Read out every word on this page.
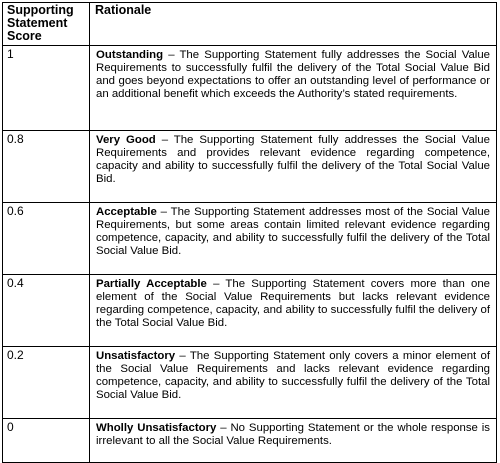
Supporting Statement Score	Rationale
1	Outstanding – The Supporting Statement fully addresses the Social Value Requirements to successfully fulfil the delivery of the Total Social Value Bid and goes beyond expectations to offer an outstanding level of performance or an additional benefit which exceeds the Authority’s stated requirements.
0.8	Very Good – The Supporting Statement fully addresses the Social Value Requirements and provides relevant evidence regarding competence, capacity and ability to successfully fulfil the delivery of the Total Social Value Bid.
0.6	Acceptable – The Supporting Statement addresses most of the Social Value Requirements, but some areas contain limited relevant evidence regarding competence, capacity, and ability to successfully fulfil the delivery of the Total Social Value Bid.
0.4	Partially Acceptable – The Supporting Statement covers more than one element of the Social Value Requirements but lacks relevant evidence regarding competence, capacity, and ability to successfully fulfil the delivery of the Total Social Value Bid.
0.2	Unsatisfactory – The Supporting Statement only covers a minor element of the Social Value Requirements and lacks relevant evidence regarding competence, capacity, and ability to successfully fulfil the delivery of the Total Social Value Bid.
0	Wholly Unsatisfactory – No Supporting Statement or the whole response is irrelevant to all the Social Value Requirements.
